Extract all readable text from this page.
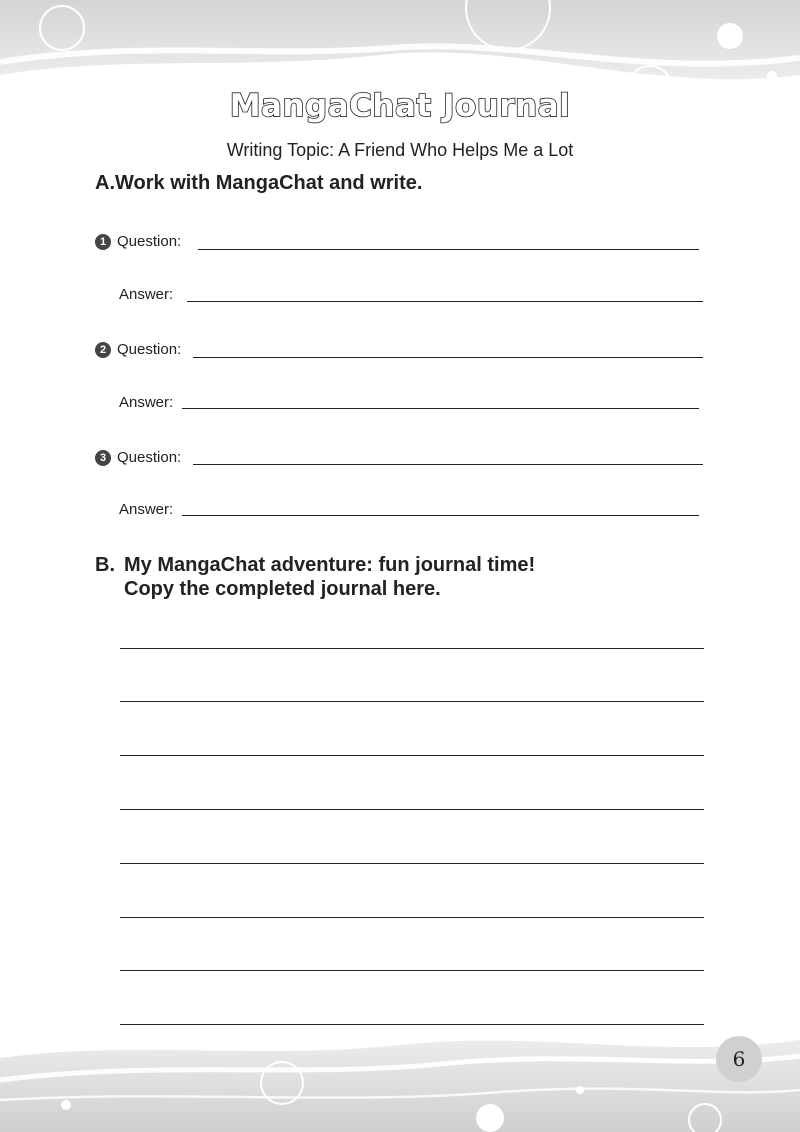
MangaChat Journal
Writing Topic: A Friend Who Helps Me a Lot
A.Work with MangaChat and write.
1 Question:
Answer:
2 Question:
Answer:
3 Question:
Answer:
B. My MangaChat adventure: fun journal time!
Copy the completed journal here.
6
